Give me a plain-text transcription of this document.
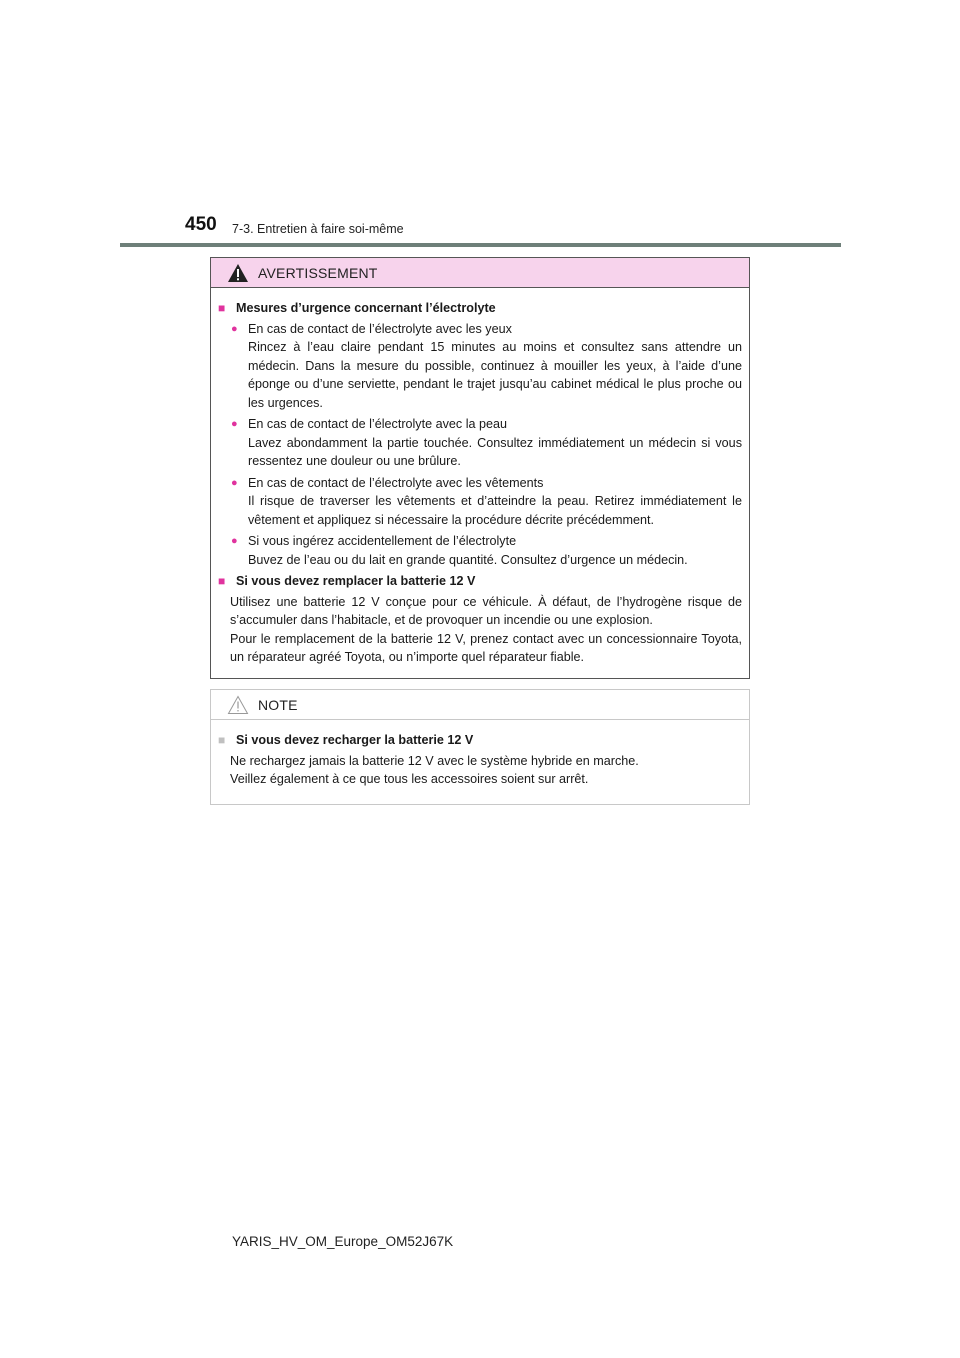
450 7-3. Entretien à faire soi-même
AVERTISSEMENT
■ Mesures d’urgence concernant l’électrolyte
● En cas de contact de l’électrolyte avec les yeux
Rincez à l’eau claire pendant 15 minutes au moins et consultez sans attendre un médecin. Dans la mesure du possible, continuez à mouiller les yeux, à l’aide d’une éponge ou d’une serviette, pendant le trajet jusqu’au cabinet médical le plus proche ou les urgences.
● En cas de contact de l’électrolyte avec la peau
Lavez abondamment la partie touchée. Consultez immédiatement un médecin si vous ressentez une douleur ou une brûlure.
● En cas de contact de l’électrolyte avec les vêtements
Il risque de traverser les vêtements et d’atteindre la peau. Retirez immédiatement le vêtement et appliquez si nécessaire la procédure décrite précédemment.
● Si vous ingérez accidentellement de l’électrolyte
Buvez de l’eau ou du lait en grande quantité. Consultez d’urgence un médecin.
■ Si vous devez remplacer la batterie 12 V
Utilisez une batterie 12 V conçue pour ce véhicule. À défaut, de l’hydrogène risque de s’accumuler dans l’habitacle, et de provoquer un incendie ou une explosion.
Pour le remplacement de la batterie 12 V, prenez contact avec un concessionnaire Toyota, un réparateur agréé Toyota, ou n’importe quel réparateur fiable.
NOTE
■ Si vous devez recharger la batterie 12 V
Ne rechargez jamais la batterie 12 V avec le système hybride en marche.
Veillez également à ce que tous les accessoires soient sur arrêt.
YARIS_HV_OM_Europe_OM52J67K
